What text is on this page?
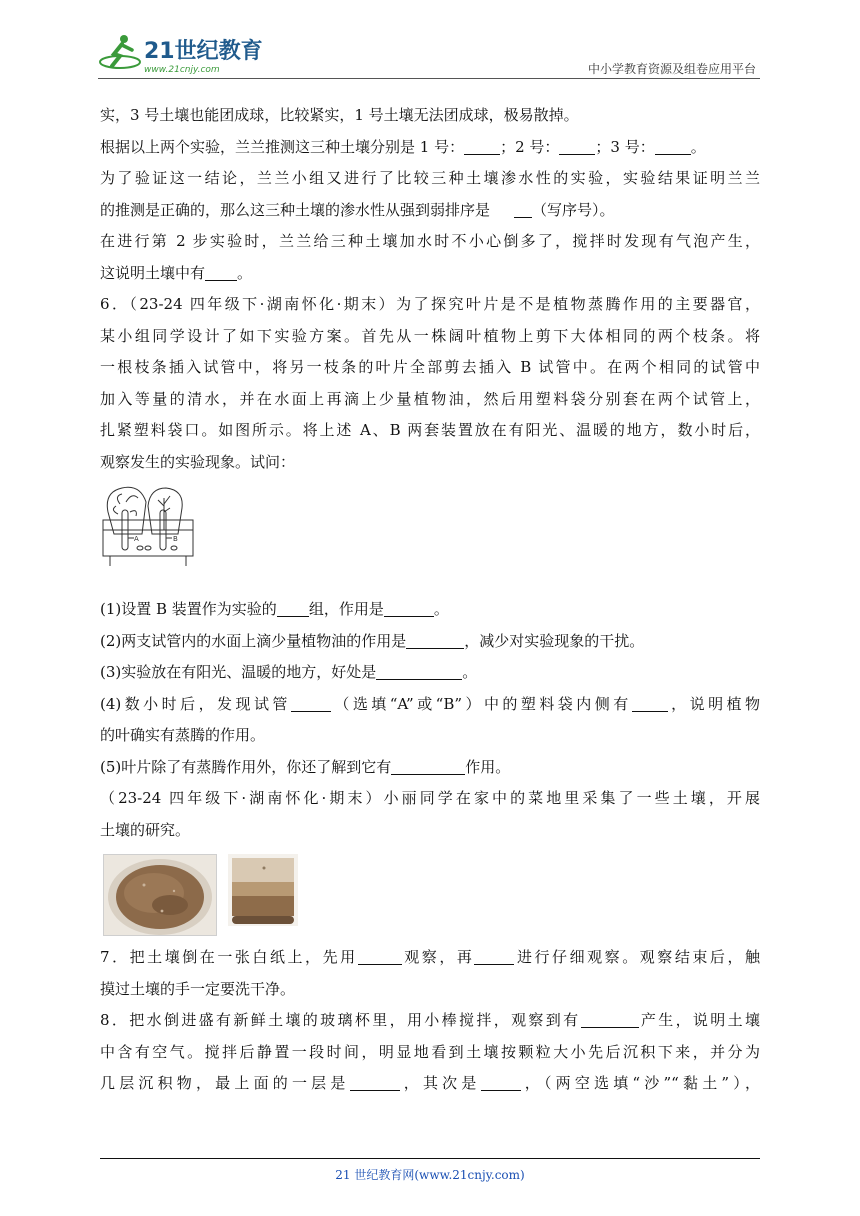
21世纪教育
www.21cnjy.com	中小学教育资源及组卷应用平台
实，3 号土壤也能团成球，比较紧实，1 号土壤无法团成球，极易散掉。
根据以上两个实验，兰兰推测这三种土壤分别是 1 号： ；2 号： ；3 号： 。
为了验证这一结论，兰兰小组又进行了比较三种土壤渗水性的实验，实验结果证明兰兰
的推测是正确的，那么这三种土壤的渗水性从强到弱排序是	（写序号）。
在进行第 2 步实验时，兰兰给三种土壤加水时不小心倒多了，搅拌时发现有气泡产生，
这说明土壤中有 。
6．（23-24 四年级下·湖南怀化·期末）为了探究叶片是不是植物蒸腾作用的主要器官，
某小组同学设计了如下实验方案。首先从一株阔叶植物上剪下大体相同的两个枝条。将
一根枝条插入试管中，将另一枝条的叶片全部剪去插入 B 试管中。在两个相同的试管中
加入等量的清水，并在水面上再滴上少量植物油，然后用塑料袋分别套在两个试管上，
扎紧塑料袋口。如图所示。将上述 A、B 两套装置放在有阳光、温暖的地方，数小时后，
观察发生的实验现象。试问：
A	B
(1)设置 B 装置作为实验的 组，作用是	。
(2)两支试管内的水面上滴少量植物油的作用是	，减少对实验现象的干扰。
(3)实验放在有阳光、温暖的地方，好处是	。
(4)数小时后，发现试管	（选填“A”或“B”）中的塑料袋内侧有 ，说明植物
的叶确实有蒸腾的作用。
(5)叶片除了有蒸腾作用外，你还了解到它有	作用。
（23-24 四年级下·湖南怀化·期末）小丽同学在家中的菜地里采集了一些土壤，开展
土壤的研究。
7．把土壤倒在一张白纸上，先用	观察，再	进行仔细观察。观察结束后，触
摸过土壤的手一定要洗干净。
8．把水倒进盛有新鲜土壤的玻璃杯里，用小棒搅拌，观察到有	产生，说明土壤
中含有空气。搅拌后静置一段时间，明显地看到土壤按颗粒大小先后沉积下来，并分为
几层沉积物，最上面的一层是	，其次是	，（两空选填“沙”“黏土”），
21 世纪教育网(www.21cnjy.com)
